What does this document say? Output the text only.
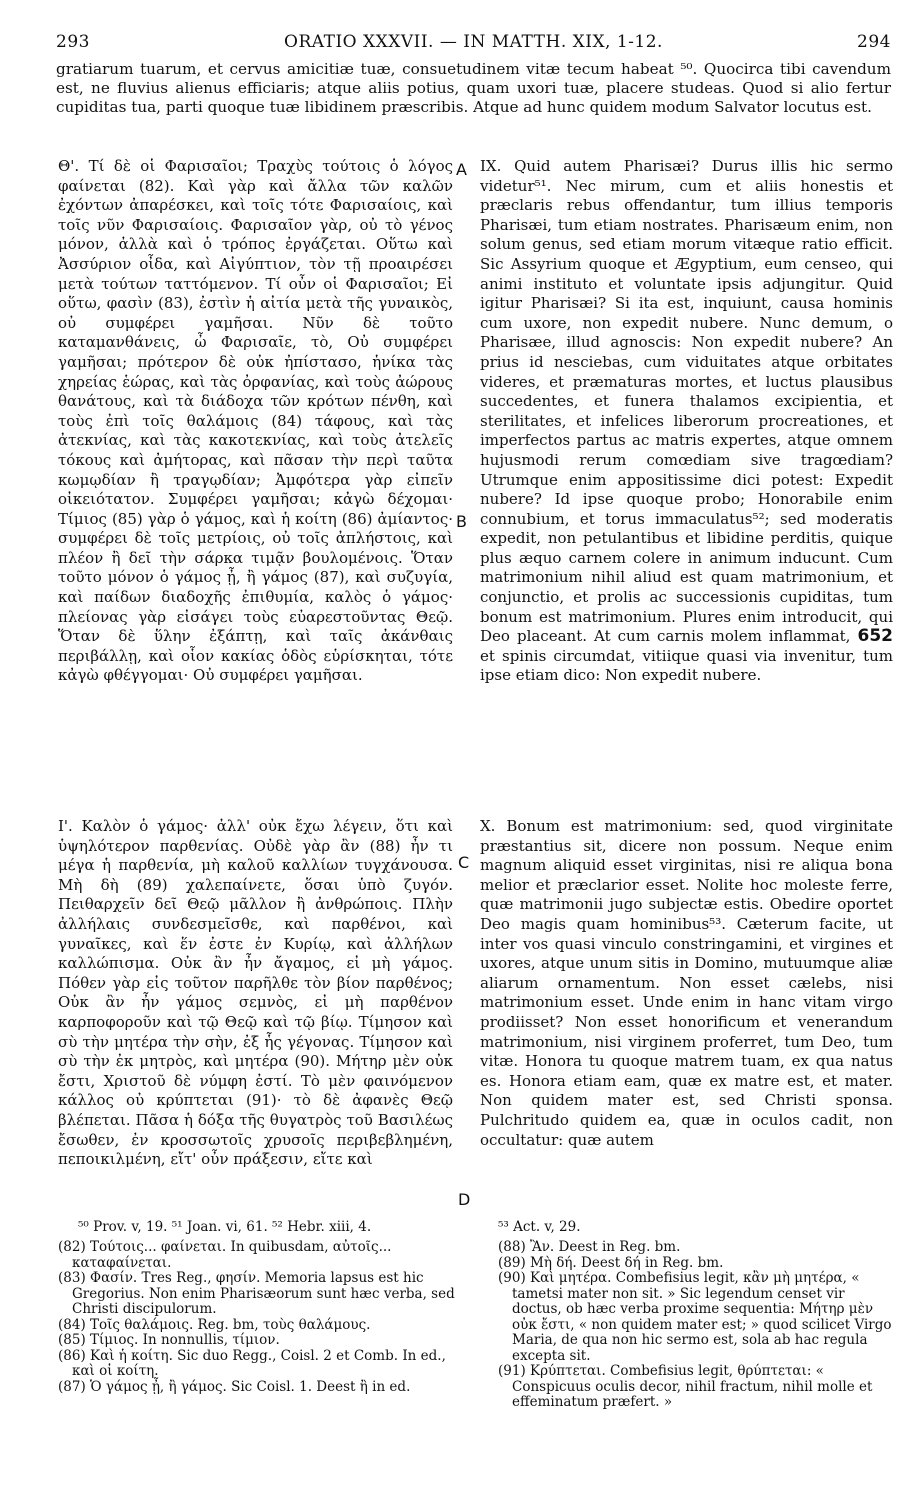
293	ORATIO XXXVII. — IN MATTH. XIX, 1-12.	294

gratiarum tuarum, et cervus amicitiæ tuæ, consuetudinem vitæ tecum habeat ⁵⁰. Quocirca tibi cavendum est, ne fluvius alienus efficiaris; atque aliis potius, quam uxori tuæ, placere studeas. Quod si alio fertur cupiditas tua, parti quoque tuæ libidinem præscribis. Atque ad hunc quidem modum Salvator locutus est.

Θ'. Τί δὲ οἱ Φαρισαῖοι; Τραχὺς τούτοις ὁ λόγος φαίνεται (82). Καὶ γὰρ καὶ ἄλλα τῶν καλῶν ἐχόντων ἀπαρέσκει, καὶ τοῖς τότε Φαρισαίοις, καὶ τοῖς νῦν Φαρισαίοις. Φαρισαῖον γὰρ, οὐ τὸ γένος μόνον, ἀλλὰ καὶ ὁ τρόπος ἐργάζεται. Οὕτω καὶ Ἀσσύριον οἶδα, καὶ Αἰγύπτιον, τὸν τῇ προαιρέσει μετὰ τούτων ταττόμενον. Τί οὖν οἱ Φαρισαῖοι; Εἰ οὕτω, φασὶν (83), ἐστὶν ἡ αἰτία μετὰ τῆς γυναικὸς, οὐ συμφέρει γαμῆσαι. Νῦν δὲ τοῦτο καταμανθάνεις, ὦ Φαρισαῖε, τὸ, Οὐ συμφέρει γαμῆσαι; πρότερον δὲ οὐκ ἠπίστασο, ἡνίκα τὰς χηρείας ἑώρας, καὶ τὰς ὀρφανίας, καὶ τοὺς ἀώρους θανάτους, καὶ τὰ διάδοχα τῶν κρότων πένθη, καὶ τοὺς ἐπὶ τοῖς θαλάμοις (84) τάφους, καὶ τὰς ἀτεκνίας, καὶ τὰς κακοτεκνίας, καὶ τοὺς ἀτελεῖς τόκους καὶ ἀμήτορας, καὶ πᾶσαν τὴν περὶ ταῦτα κωμῳδίαν ἢ τραγῳδίαν; Ἀμφότερα γὰρ εἰπεῖν οἰκειότατον. Συμφέρει γαμῆσαι; κἀγὼ δέχομαι· Τίμιος (85) γὰρ ὁ γάμος, καὶ ἡ κοίτη (86) ἀμίαντος· συμφέρει δὲ τοῖς μετρίοις, οὐ τοῖς ἀπλήστοις, καὶ πλέον ἢ δεῖ τὴν σάρκα τιμᾷν βουλομένοις. Ὅταν τοῦτο μόνον ὁ γάμος ᾖ, ἢ γάμος (87), καὶ συζυγία, καὶ παίδων διαδοχῆς ἐπιθυμία, καλὸς ὁ γάμος· πλείονας γὰρ εἰσάγει τοὺς εὐαρεστοῦντας Θεῷ. Ὅταν δὲ ὕλην ἐξάπτῃ, καὶ ταῖς ἀκάνθαις περιβάλλῃ, καὶ οἷον κακίας ὁδὸς εὑρίσκηται, τότε κἀγὼ φθέγγομαι· Οὐ συμφέρει γαμῆσαι.

IX. Quid autem Pharisæi? Durus illis hic sermo videtur⁵¹. Nec mirum, cum et aliis honestis et præclaris rebus offendantur, tum illius temporis Pharisæi, tum etiam nostrates. Pharisæum enim, non solum genus, sed etiam morum vitæque ratio efficit. Sic Assyrium quoque et Ægyptium, eum censeo, qui animi instituto et voluntate ipsis adjungitur. Quid igitur Pharisæi? Si ita est, inquiunt, causa hominis cum uxore, non expedit nubere. Nunc demum, o Pharisæe, illud agnoscis: Non expedit nubere? An prius id nesciebas, cum viduitates atque orbitates videres, et præmaturas mortes, et luctus plausibus succedentes, et funera thalamos excipientia, et sterilitates, et infelices liberorum procreationes, et imperfectos partus ac matris expertes, atque omnem hujusmodi rerum comœdiam sive tragœdiam? Utrumque enim appositissime dici potest: Expedit nubere? Id ipse quoque probo; Honorabile enim connubium, et torus immaculatus⁵²; sed moderatis expedit, non petulantibus et libidine perditis, quique plus æquo carnem colere in animum inducunt. Cum matrimonium nihil aliud est quam matrimonium, et conjunctio, et prolis ac successionis cupiditas, tum bonum est matrimonium. Plures enim introducit, qui Deo placeant. At cum carnis molem inflammat, 652 et spinis circumdat, vitiique quasi via invenitur, tum ipse etiam dico: Non expedit nubere.

Ι'. Καλὸν ὁ γάμος· ἀλλ' οὐκ ἔχω λέγειν, ὅτι καὶ ὑψηλότερον παρθενίας. Οὐδὲ γὰρ ἂν (88) ἦν τι μέγα ἡ παρθενία, μὴ καλοῦ καλλίων τυγχάνουσα. Μὴ δὴ (89) χαλεπαίνετε, ὅσαι ὑπὸ ζυγόν. Πειθαρχεῖν δεῖ Θεῷ μᾶλλον ἢ ἀνθρώποις. Πλὴν ἀλλήλαις συνδεσμεῖσθε, καὶ παρθένοι, καὶ γυναῖκες, καὶ ἕν ἐστε ἐν Κυρίῳ, καὶ ἀλλήλων καλλώπισμα. Οὐκ ἂν ἦν ἄγαμος, εἰ μὴ γάμος. Πόθεν γὰρ εἰς τοῦτον παρῆλθε τὸν βίον παρθένος; Οὐκ ἂν ἦν γάμος σεμνὸς, εἰ μὴ παρθένον καρποφοροῦν καὶ τῷ Θεῷ καὶ τῷ βίῳ. Τίμησον καὶ σὺ τὴν μητέρα τὴν σὴν, ἐξ ἧς γέγονας. Τίμησον καὶ σὺ τὴν ἐκ μητρὸς, καὶ μητέρα (90). Μήτηρ μὲν οὐκ ἔστι, Χριστοῦ δὲ νύμφη ἐστί. Τὸ μὲν φαινόμενον κάλλος οὐ κρύπτεται (91)· τὸ δὲ ἀφανὲς Θεῷ βλέπεται. Πᾶσα ἡ δόξα τῆς θυγατρὸς τοῦ Βασιλέως ἔσωθεν, ἐν κροσσωτοῖς χρυσοῖς περιβεβλημένη, πεποικιλμένη, εἴτ' οὖν πράξεσιν, εἴτε καὶ

X. Bonum est matrimonium: sed, quod virginitate præstantius sit, dicere non possum. Neque enim magnum aliquid esset virginitas, nisi re aliqua bona melior et præclarior esset. Nolite hoc moleste ferre, quæ matrimonii jugo subjectæ estis. Obedire oportet Deo magis quam hominibus⁵³. Cæterum facite, ut inter vos quasi vinculo constringamini, et virgines et uxores, atque unum sitis in Domino, mutuumque aliæ aliarum ornamentum. Non esset cælebs, nisi matrimonium esset. Unde enim in hanc vitam virgo prodiisset? Non esset honorificum et venerandum matrimonium, nisi virginem proferret, tum Deo, tum vitæ. Honora tu quoque matrem tuam, ex qua natus es. Honora etiam eam, quæ ex matre est, et mater. Non quidem mater est, sed Christi sponsa. Pulchritudo quidem ea, quæ in oculos cadit, non occultatur: quæ autem

A
B
C
D
⁵⁰ Prov. v, 19. ⁵¹ Joan. vi, 61. ⁵² Hebr. xiii, 4.	⁵³ Act. v, 29.

(82) Τούτοις... φαίνεται. In quibusdam, αὐτοῖς... καταφαίνεται.

(83) Φασίν. Tres Reg., φησίν. Memoria lapsus est hic Gregorius. Non enim Pharisæorum sunt hæc verba, sed Christi discipulorum.

(84) Τοῖς θαλάμοις. Reg. bm, τοὺς θαλάμους.

(85) Τίμιος. In nonnullis, τίμιον.

(86) Καὶ ἡ κοίτη. Sic duo Regg., Coisl. 2 et Comb. In ed., καὶ οἱ κοίτη.

(87) Ὁ γάμος ᾖ, ἢ γάμος. Sic Coisl. 1. Deest ἢ in ed.

(88) Ἂν. Deest in Reg. bm.

(89) Μὴ δή. Deest δή in Reg. bm.

(90) Καὶ μητέρα. Combefisius legit, κἂν μὴ μητέρα, « tametsi mater non sit. » Sic legendum censet vir doctus, ob hæc verba proxime sequentia: Μήτηρ μὲν οὐκ ἔστι, « non quidem mater est; » quod scilicet Virgo Maria, de qua non hic sermo est, sola ab hac regula excepta sit.

(91) Κρύπτεται. Combefisius legit, θρύπτεται: « Conspicuus oculis decor, nihil fractum, nihil molle et effeminatum præfert. »
